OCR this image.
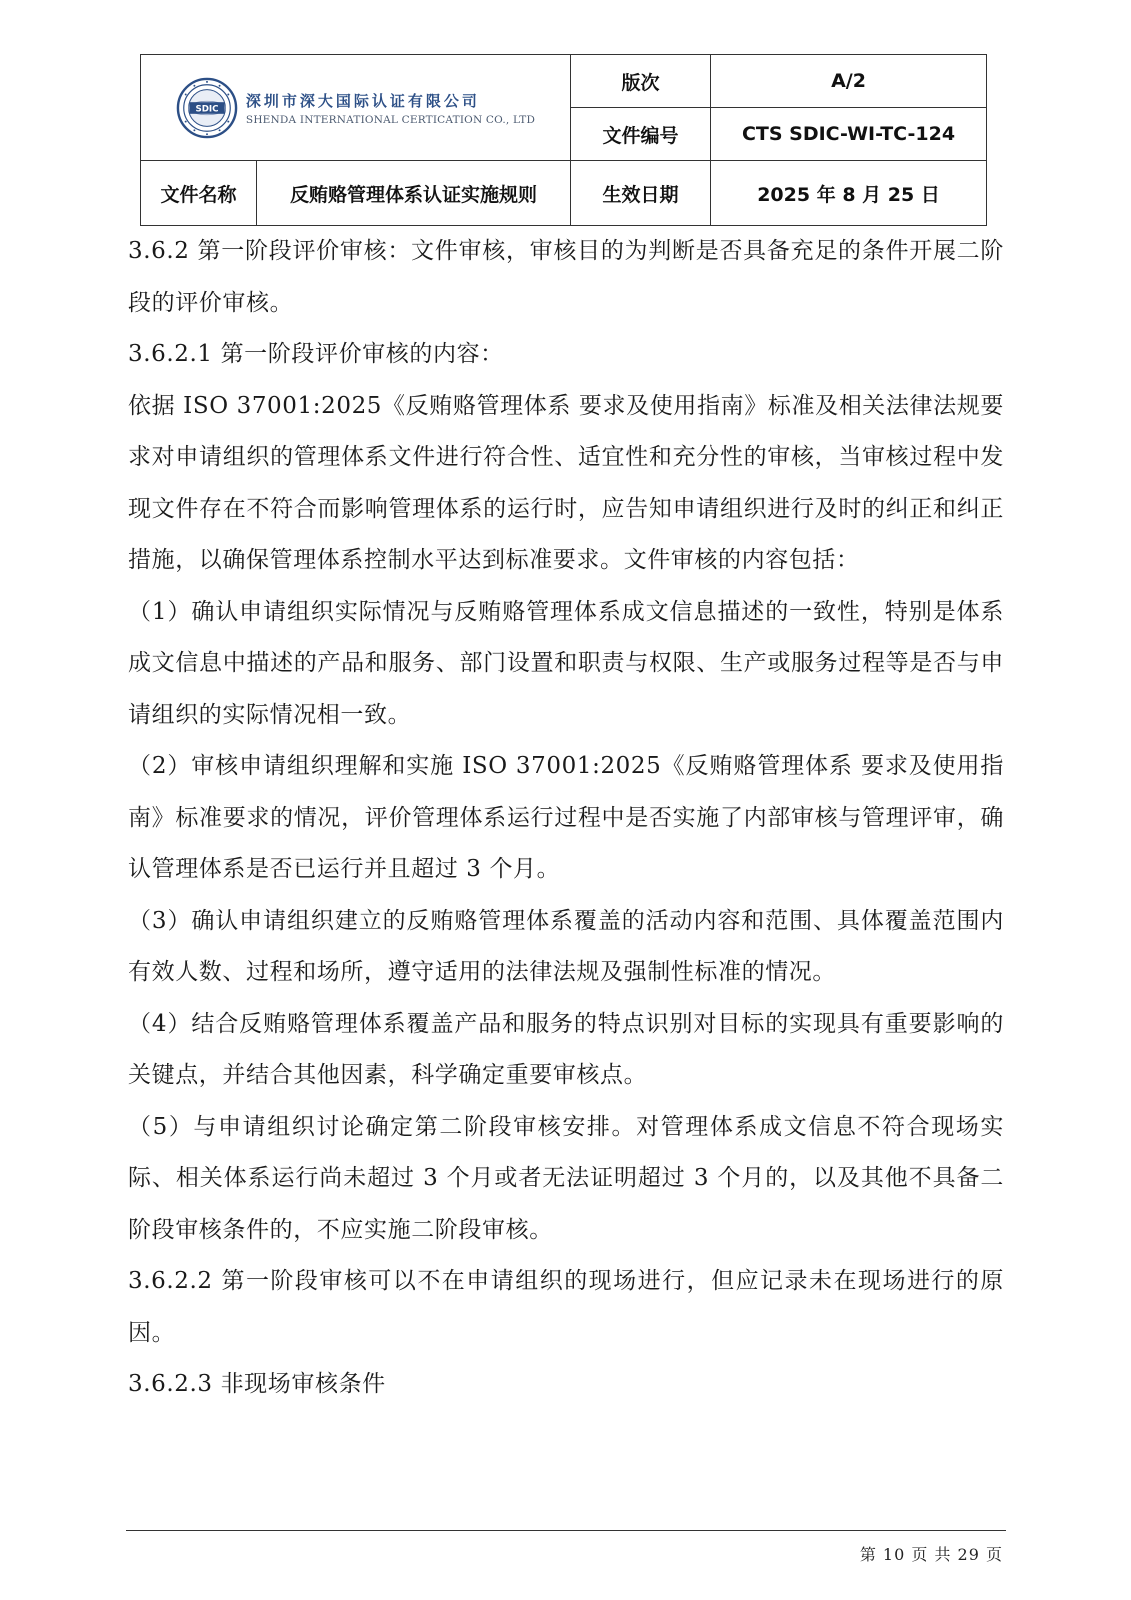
SDIC 深圳市深大国际认证有限公司
SHENDA INTERNATIONAL CERTICATION CO., LTD		版次	A/2
		文件编号	CTS SDIC-WI-TC-124
文件名称	反贿赂管理体系认证实施规则	生效日期	2025 年 8 月 25 日

3.6.2 第一阶段评价审核：文件审核，审核目的为判断是否具备充足的条件开展二阶段的评价审核。

3.6.2.1 第一阶段评价审核的内容：

依据 ISO 37001:2025《反贿赂管理体系 要求及使用指南》标准及相关法律法规要求对申请组织的管理体系文件进行符合性、适宜性和充分性的审核，当审核过程中发现文件存在不符合而影响管理体系的运行时，应告知申请组织进行及时的纠正和纠正措施，以确保管理体系控制水平达到标准要求。文件审核的内容包括：

（1）确认申请组织实际情况与反贿赂管理体系成文信息描述的一致性，特别是体系成文信息中描述的产品和服务、部门设置和职责与权限、生产或服务过程等是否与申请组织的实际情况相一致。

（2）审核申请组织理解和实施 ISO 37001:2025《反贿赂管理体系 要求及使用指南》标准要求的情况，评价管理体系运行过程中是否实施了内部审核与管理评审，确认管理体系是否已运行并且超过 3 个月。

（3）确认申请组织建立的反贿赂管理体系覆盖的活动内容和范围、具体覆盖范围内有效人数、过程和场所，遵守适用的法律法规及强制性标准的情况。

（4）结合反贿赂管理体系覆盖产品和服务的特点识别对目标的实现具有重要影响的关键点，并结合其他因素，科学确定重要审核点。

（5）与申请组织讨论确定第二阶段审核安排。对管理体系成文信息不符合现场实际、相关体系运行尚未超过 3 个月或者无法证明超过 3 个月的，以及其他不具备二阶段审核条件的，不应实施二阶段审核。

3.6.2.2 第一阶段审核可以不在申请组织的现场进行，但应记录未在现场进行的原因。

3.6.2.3 非现场审核条件

第 10 页 共 29 页
